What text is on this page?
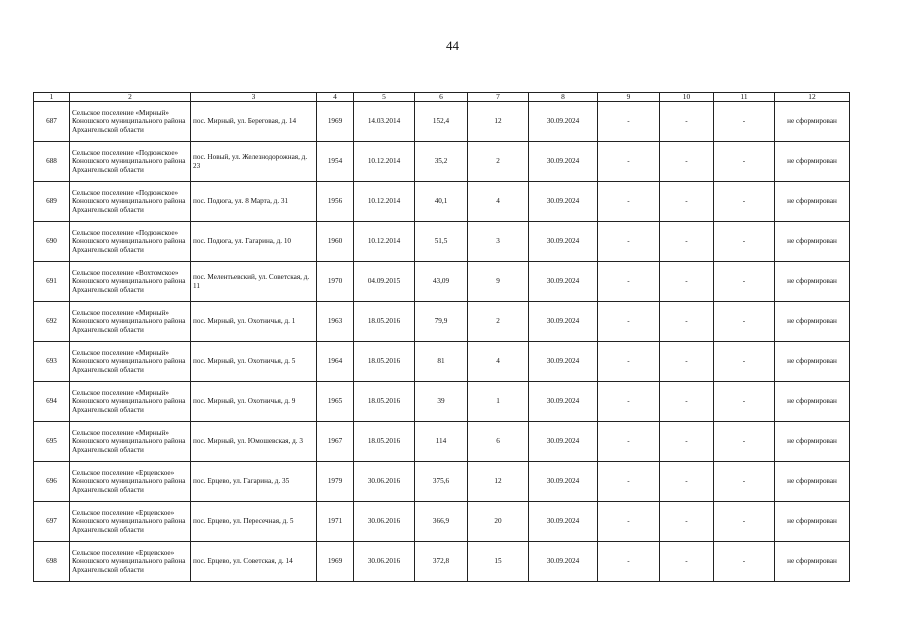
44
1	2	3	4	5	6	7	8	9	10	11	12
687	Сельское поселение «Мирный» Коношского муниципального района Архангельской области	пос. Мирный, ул. Береговая, д. 14	1969	14.03.2014	152,4	12	30.09.2024	-	-	-	не сформирован
688	Сельское поселение «Подюжское» Коношского муниципального района Архангельской области	пос. Новый, ул. Железнодорожная, д. 23	1954	10.12.2014	35,2	2	30.09.2024	-	-	-	не сформирован
689	Сельское поселение «Подюжское» Коношского муниципального района Архангельской области	пос. Подюга, ул. 8 Марта, д. 31	1956	10.12.2014	40,1	4	30.09.2024	-	-	-	не сформирован
690	Сельское поселение «Подюжское» Коношского муниципального района Архангельской области	пос. Подюга, ул. Гагарина, д. 10	1960	10.12.2014	51,5	3	30.09.2024	-	-	-	не сформирован
691	Сельское поселение «Вохтомское» Коношского муниципального района Архангельской области	пос. Мелентьевский, ул. Советская, д. 11	1970	04.09.2015	43,09	9	30.09.2024	-	-	-	не сформирован
692	Сельское поселение «Мирный» Коношского муниципального района Архангельской области	пос. Мирный, ул. Охотничья, д. 1	1963	18.05.2016	79,9	2	30.09.2024	-	-	-	не сформирован
693	Сельское поселение «Мирный» Коношского муниципального района Архангельской области	пос. Мирный, ул. Охотничья, д. 5	1964	18.05.2016	81	4	30.09.2024	-	-	-	не сформирован
694	Сельское поселение «Мирный» Коношского муниципального района Архангельской области	пос. Мирный, ул. Охотничья, д. 9	1965	18.05.2016	39	1	30.09.2024	-	-	-	не сформирован
695	Сельское поселение «Мирный» Коношского муниципального района Архангельской области	пос. Мирный, ул. Юмошевская, д. 3	1967	18.05.2016	114	6	30.09.2024	-	-	-	не сформирован
696	Сельское поселение «Ерцевское» Коношского муниципального района Архангельской области	пос. Ерцево, ул. Гагарина, д. 35	1979	30.06.2016	375,6	12	30.09.2024	-	-	-	не сформирован
697	Сельское поселение «Ерцевское» Коношского муниципального района Архангельской области	пос. Ерцево, ул. Пересечная, д. 5	1971	30.06.2016	366,9	20	30.09.2024	-	-	-	не сформирован
698	Сельское поселение «Ерцевское» Коношского муниципального района Архангельской области	пос. Ерцево, ул. Советская, д. 14	1969	30.06.2016	372,8	15	30.09.2024	-	-	-	не сформирован
